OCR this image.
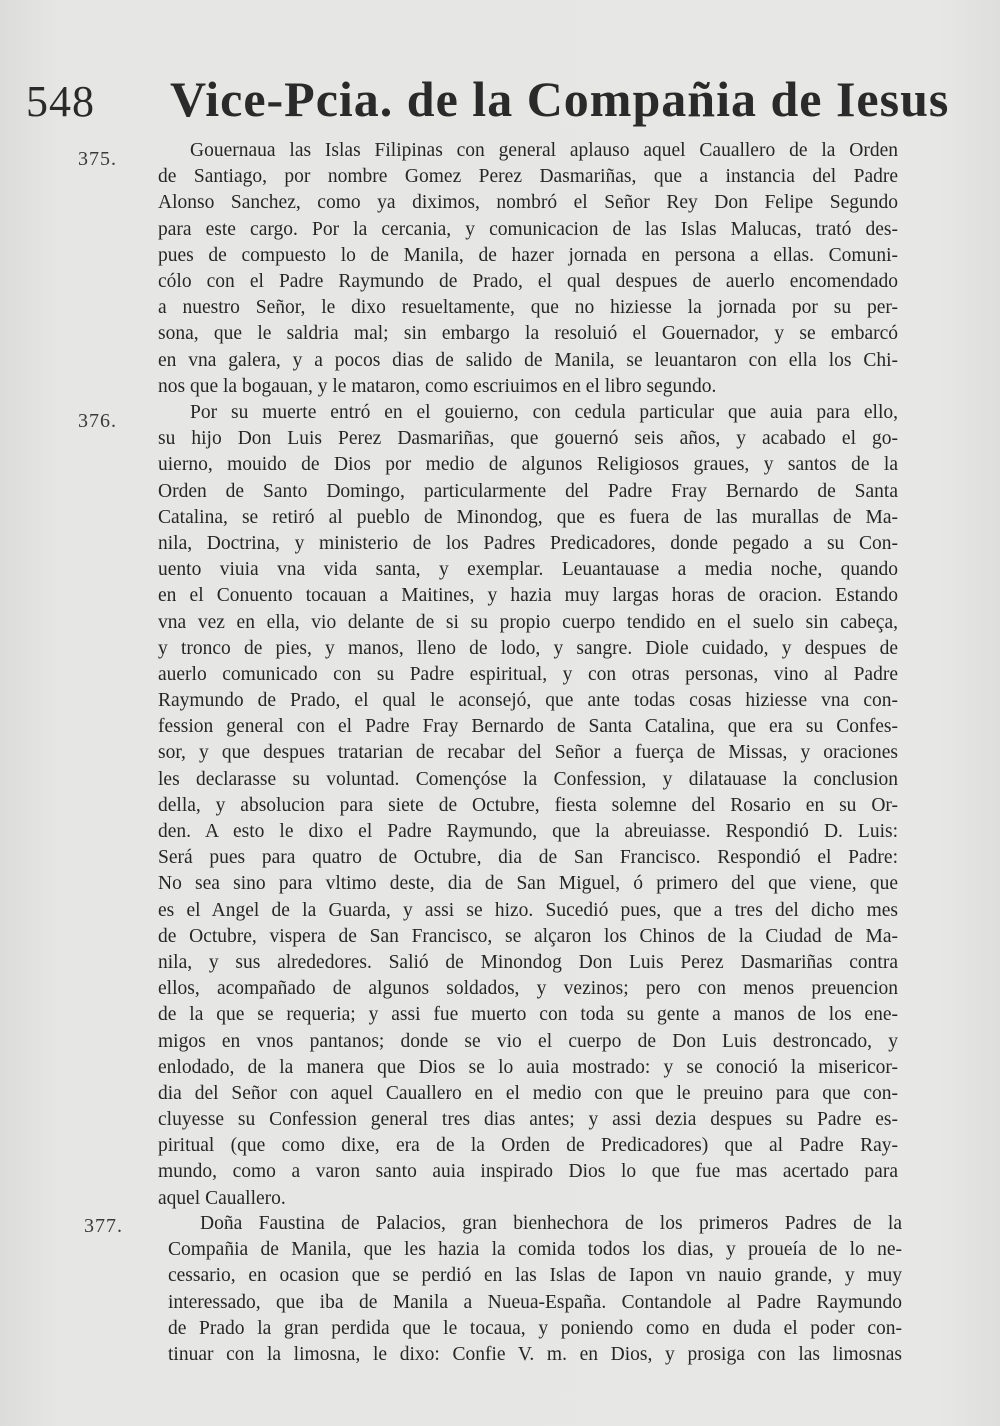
548 Vice-Pcia. de la Compañia de Iesus
375.	Gouernaua las Islas Filipinas con general aplauso aquel Cauallero de la Orden
de Santiago, por nombre Gomez Perez Dasmariñas, que a instancia del Padre
Alonso Sanchez, como ya diximos, nombró el Señor Rey Don Felipe Segundo
para este cargo. Por la cercania, y comunicacion de las Islas Malucas, trató des-
pues de compuesto lo de Manila, de hazer jornada en persona a ellas. Comuni-
cólo con el Padre Raymundo de Prado, el qual despues de auerlo encomendado
a nuestro Señor, le dixo resueltamente, que no hiziesse la jornada por su per-
sona, que le saldria mal; sin embargo la resoluió el Gouernador, y se embarcó
en vna galera, y a pocos dias de salido de Manila, se leuantaron con ella los Chi-
nos que la bogauan, y le mataron, como escriuimos en el libro segundo.
376.	Por su muerte entró en el gouierno, con cedula particular que auia para ello,
su hijo Don Luis Perez Dasmariñas, que gouernó seis años, y acabado el go-
uierno, mouido de Dios por medio de algunos Religiosos graues, y santos de la
Orden de Santo Domingo, particularmente del Padre Fray Bernardo de Santa
Catalina, se retiró al pueblo de Minondog, que es fuera de las murallas de Ma-
nila, Doctrina, y ministerio de los Padres Predicadores, donde pegado a su Con-
uento viuia vna vida santa, y exemplar. Leuantauase a media noche, quando
en el Conuento tocauan a Maitines, y hazia muy largas horas de oracion. Estando
vna vez en ella, vio delante de si su propio cuerpo tendido en el suelo sin cabeça,
y tronco de pies, y manos, lleno de lodo, y sangre. Diole cuidado, y despues de
auerlo comunicado con su Padre espiritual, y con otras personas, vino al Padre
Raymundo de Prado, el qual le aconsejó, que ante todas cosas hiziesse vna con-
fession general con el Padre Fray Bernardo de Santa Catalina, que era su Confes-
sor, y que despues tratarian de recabar del Señor a fuerça de Missas, y oraciones
les declarasse su voluntad. Començóse la Confession, y dilatauase la conclusion
della, y absolucion para siete de Octubre, fiesta solemne del Rosario en su Or-
den. A esto le dixo el Padre Raymundo, que la abreuiasse. Respondió D. Luis:
Será pues para quatro de Octubre, dia de San Francisco. Respondió el Padre:
No sea sino para vltimo deste, dia de San Miguel, ó primero del que viene, que
es el Angel de la Guarda, y assi se hizo. Sucedió pues, que a tres del dicho mes
de Octubre, vispera de San Francisco, se alçaron los Chinos de la Ciudad de Ma-
nila, y sus alrededores. Salió de Minondog Don Luis Perez Dasmariñas contra
ellos, acompañado de algunos soldados, y vezinos; pero con menos preuencion
de la que se requeria; y assi fue muerto con toda su gente a manos de los ene-
migos en vnos pantanos; donde se vio el cuerpo de Don Luis destroncado, y
enlodado, de la manera que Dios se lo auia mostrado: y se conoció la misericor-
dia del Señor con aquel Cauallero en el medio con que le preuino para que con-
cluyesse su Confession general tres dias antes; y assi dezia despues su Padre es-
piritual (que como dixe, era de la Orden de Predicadores) que al Padre Ray-
mundo, como a varon santo auia inspirado Dios lo que fue mas acertado para
aquel Cauallero.
377.	Doña Faustina de Palacios, gran bienhechora de los primeros Padres de la
Compañia de Manila, que les hazia la comida todos los dias, y proueía de lo ne-
cessario, en ocasion que se perdió en las Islas de Iapon vn nauio grande, y muy
interessado, que iba de Manila a Nueua-España. Contandole al Padre Raymundo
de Prado la gran perdida que le tocaua, y poniendo como en duda el poder con-
tinuar con la limosna, le dixo: Confie V. m. en Dios, y prosiga con las limosnas
